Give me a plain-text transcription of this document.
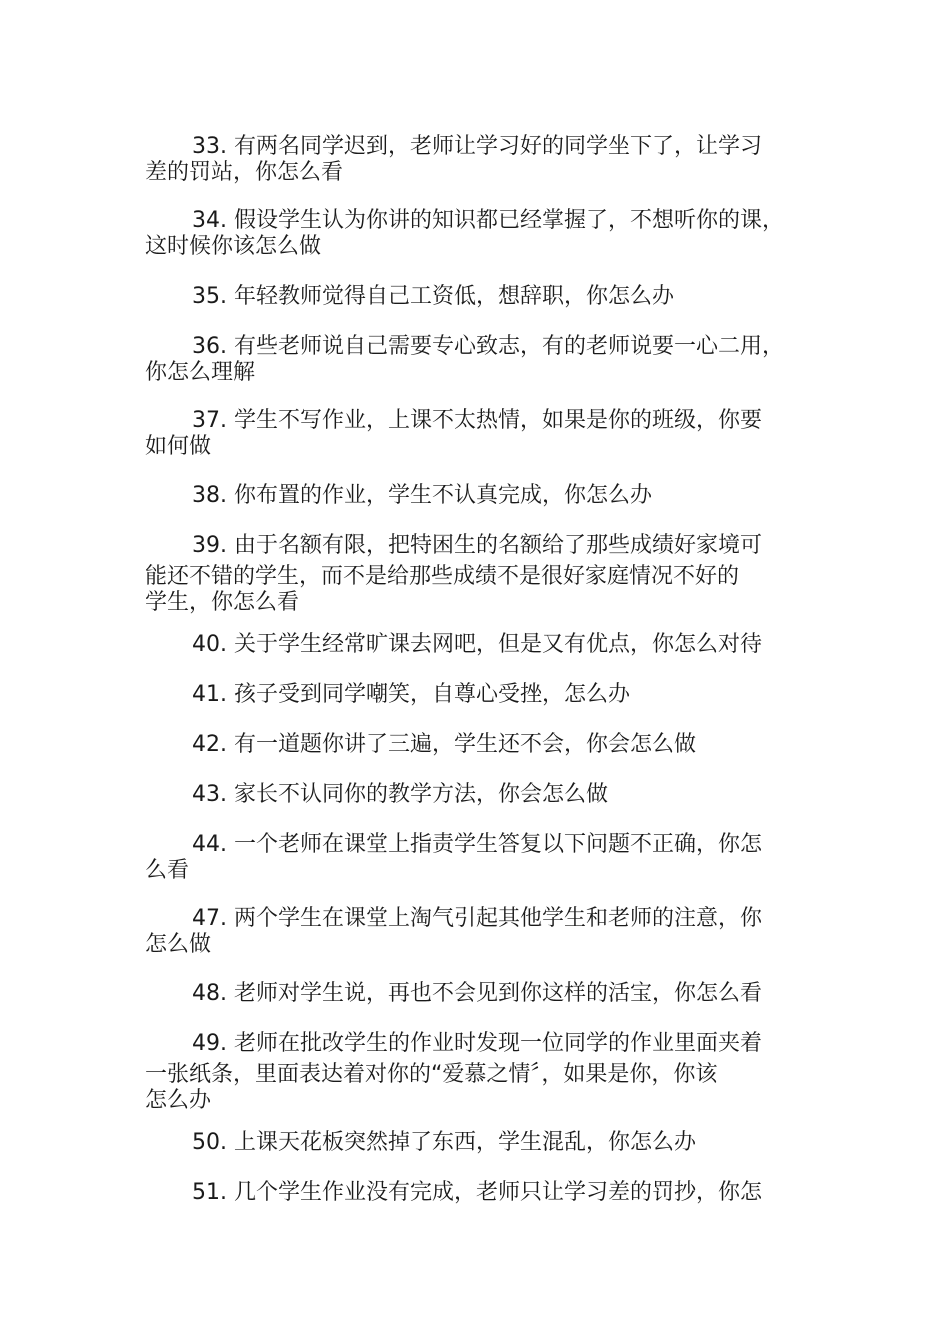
33. 有两名同学迟到，老师让学习好的同学坐下了，让学习
差的罚站，你怎么看

34. 假设学生认为你讲的知识都已经掌握了，不想听你的课，
这时候你该怎么做

35. 年轻教师觉得自己工资低，想辞职，你怎么办

36. 有些老师说自己需要专心致志，有的老师说要一心二用，
你怎么理解

37. 学生不写作业，上课不太热情，如果是你的班级，你要
如何做

38. 你布置的作业，学生不认真完成，你怎么办

39. 由于名额有限，把特困生的名额给了那些成绩好家境可
能还不错的学生，而不是给那些成绩不是很好家庭情况不好的
学生，你怎么看

40. 关于学生经常旷课去网吧，但是又有优点，你怎么对待

41. 孩子受到同学嘲笑，自尊心受挫，怎么办

42. 有一道题你讲了三遍，学生还不会，你会怎么做

43. 家长不认同你的教学方法，你会怎么做

44. 一个老师在课堂上指责学生答复以下问题不正确，你怎
么看

47. 两个学生在课堂上淘气引起其他学生和老师的注意，你
怎么做

48. 老师对学生说，再也不会见到你这样的活宝，你怎么看

49. 老师在批改学生的作业时发现一位同学的作业里面夹着
一张纸条，里面表达着对你的“爱慕之情〞，如果是你，你该
怎么办

50. 上课天花板突然掉了东西，学生混乱，你怎么办

51. 几个学生作业没有完成，老师只让学习差的罚抄，你怎
